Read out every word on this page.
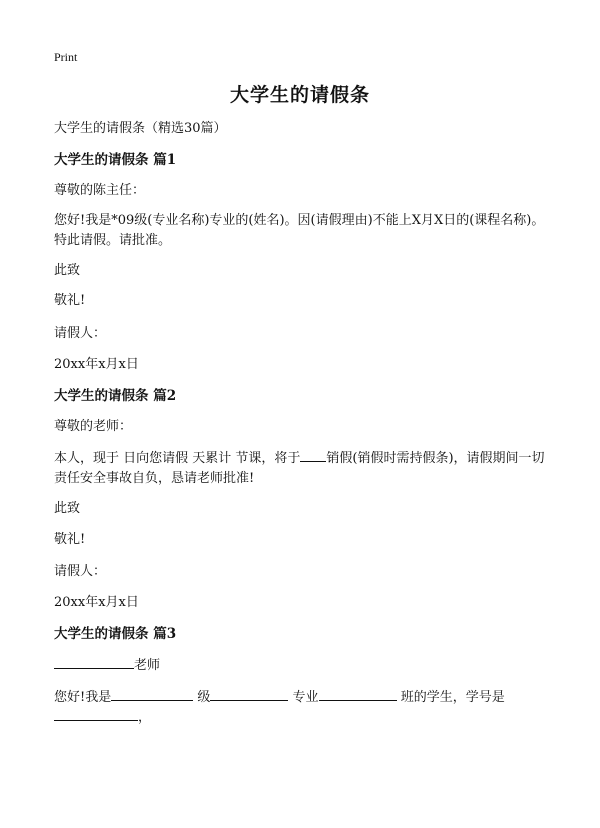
Print
大学生的请假条
大学生的请假条（精选30篇）
大学生的请假条 篇1
尊敬的陈主任：
您好!我是*09级(专业名称)专业的(姓名)。因(请假理由)不能上X月X日的(课程名称)。特此请假。请批准。
此致
敬礼!
请假人：
20xx年x月x日
大学生的请假条 篇2
尊敬的老师：
本人，现于 日向您请假 天累计 节课，将于 销假(销假时需持假条)，请假期间一切责任安全事故自负，恳请老师批准!
此致
敬礼!
请假人：
20xx年x月x日
大学生的请假条 篇3
老师
您好!我是	级	专业	班的学生，学号是
，
